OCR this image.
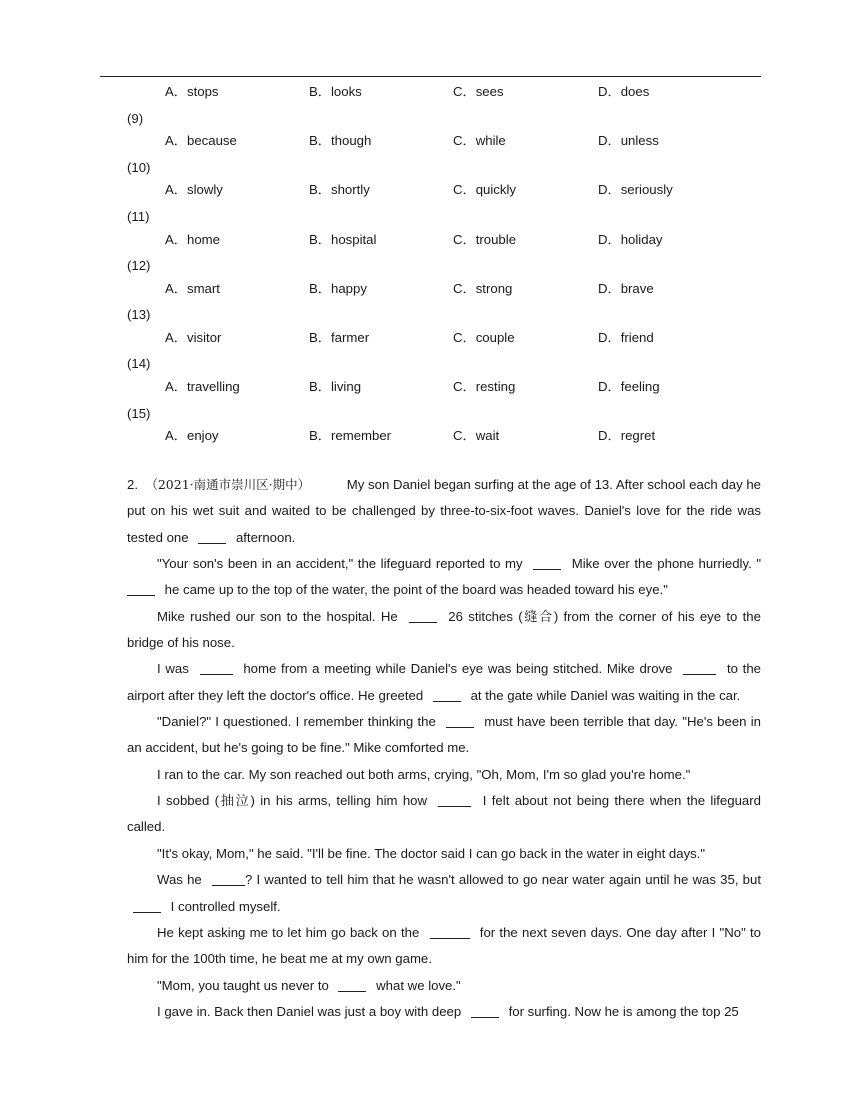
A．stops	B．looks	C．sees	D．does
(9)
A．because	B．though	C．while	D．unless
(10)
A．slowly	B．shortly	C．quickly	D．seriously
(11)
A．home	B．hospital	C．trouble	D．holiday
(12)
A．smart	B．happy	C．strong	D．brave
(13)
A．visitor	B．farmer	C．couple	D．friend
(14)
A．travelling	B．living	C．resting	D．feeling
(15)
A．enjoy	B．remember	C．wait	D．regret

2. （2021·南通市崇川区·期中）	My son Daniel began surfing at the age of 13. After school each day he put on his wet suit and waited to be challenged by three-to-six-foot waves. Daniel's love for the ride was tested one	afternoon.

"Your son's been in an accident," the lifeguard reported to my	Mike over the phone hurriedly. " he came up to the top of the water, the point of the board was headed toward his eye."

Mike rushed our son to the hospital. He	26 stitches (缝合) from the corner of his eye to the bridge of his nose.

I was	home from a meeting while Daniel's eye was being stitched. Mike drove	to the airport after they left the doctor's office. He greeted	at the gate while Daniel was waiting in the car.

"Daniel?" I questioned. I remember thinking the	must have been terrible that day. "He's been in an accident, but he's going to be fine." Mike comforted me.

I ran to the car. My son reached out both arms, crying, "Oh, Mom, I'm so glad you're home."

I sobbed (抽泣) in his arms, telling him how	I felt about not being there when the lifeguard called.

"It's okay, Mom," he said. "I'll be fine. The doctor said I can go back in the water in eight days."

Was he	? I wanted to tell him that he wasn't allowed to go near water again until he was 35, but  I controlled myself.

He kept asking me to let him go back on the	for the next seven days. One day after I "No" to him for the 100th time, he beat me at my own game.

"Mom, you taught us never to	what we love."

I gave in. Back then Daniel was just a boy with deep	for surfing. Now he is among the top 25
